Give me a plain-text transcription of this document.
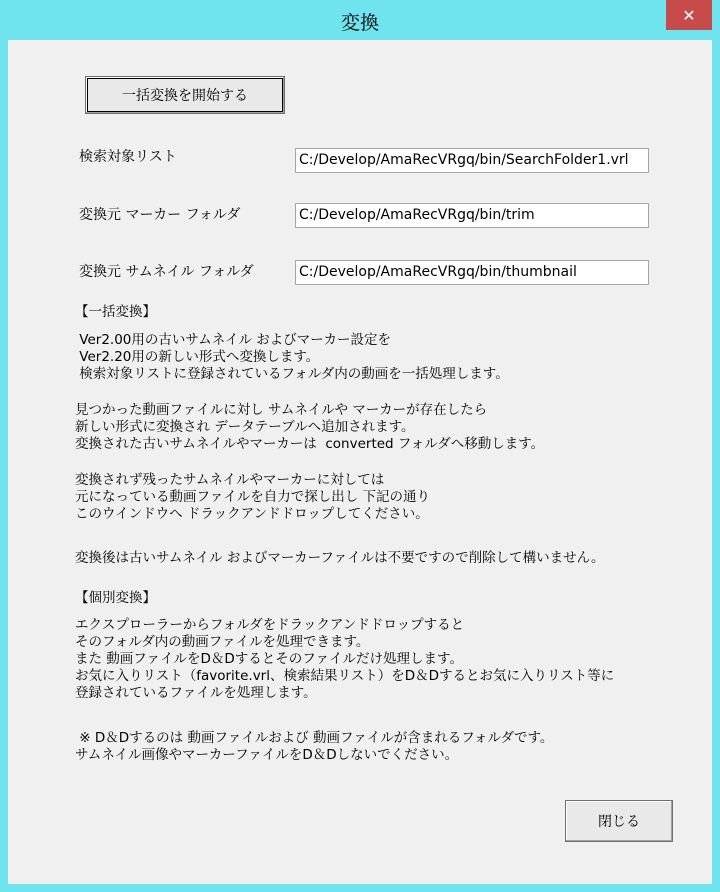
変換	✕
一括変換を開始する
検索対象リスト	C:/Develop/AmaRecVRgq/bin/SearchFolder1.vrl
変換元 マーカー フォルダ	C:/Develop/AmaRecVRgq/bin/trim
変換元 サムネイル フォルダ	C:/Develop/AmaRecVRgq/bin/thumbnail
【一括変換】
Ver2.00用の古いサムネイル およびマーカー設定を
Ver2.20用の新しい形式へ変換します。
検索対象リストに登録されているフォルダ内の動画を一括処理します。
見つかった動画ファイルに対し サムネイルや マーカーが存在したら
新しい形式に変換され データテーブルへ追加されます。
変換された古いサムネイルやマーカーは  converted フォルダへ移動します。
変換されず残ったサムネイルやマーカーに対しては
元になっている動画ファイルを自力で探し出し 下記の通り
このウインドウへ ドラックアンドドロップしてください。
変換後は古いサムネイル およびマーカーファイルは不要ですので削除して構いません。
【個別変換】
エクスプローラーからフォルダをドラックアンドドロップすると
そのフォルダ内の動画ファイルを処理できます。
また 動画ファイルをD＆Dするとそのファイルだけ処理します。
お気に入りリスト（favorite.vrl、検索結果リスト）をD＆Dするとお気に入りリスト等に
登録されているファイルを処理します。
※ D＆Dするのは 動画ファイルおよび 動画ファイルが含まれるフォルダです。
サムネイル画像やマーカーファイルをD＆Dしないでください。
閉じる
